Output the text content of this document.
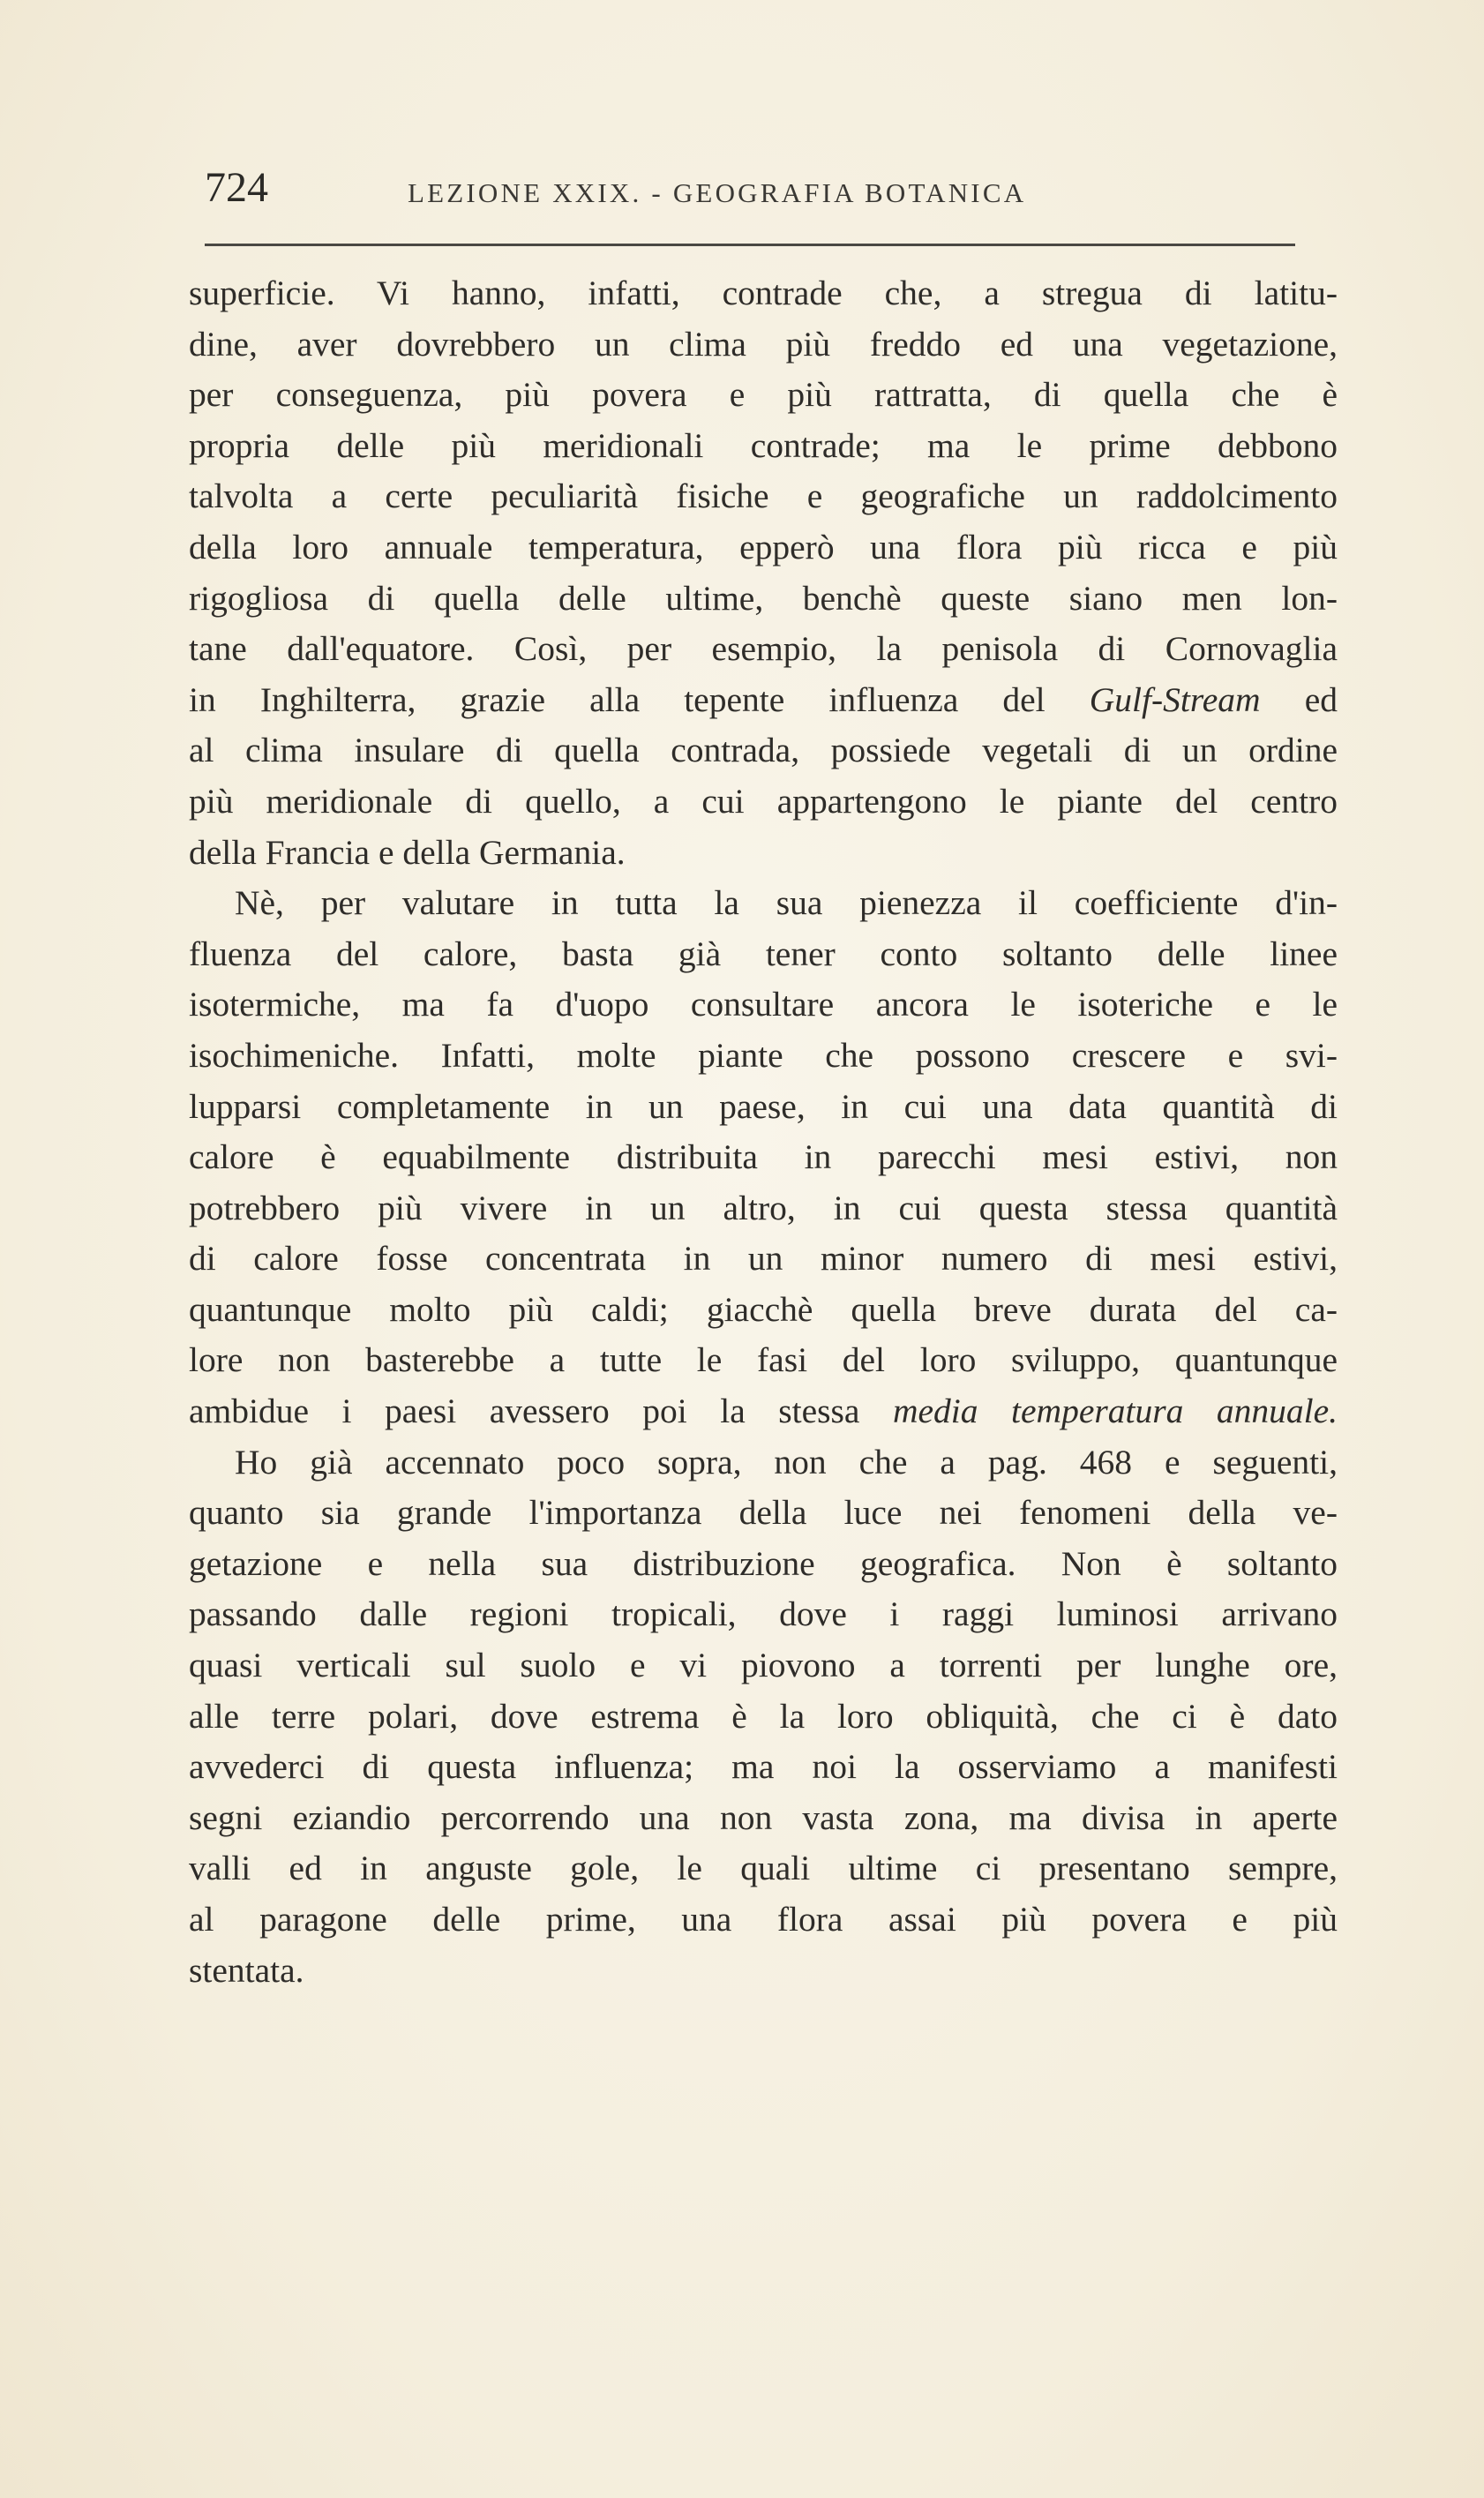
724	LEZIONE XXIX. - GEOGRAFIA BOTANICA
superficie. Vi hanno, infatti, contrade che, a stregua di latitu-
dine, aver dovrebbero un clima più freddo ed una vegetazione,
per conseguenza, più povera e più rattratta, di quella che è
propria delle più meridionali contrade; ma le prime debbono
talvolta a certe peculiarità fisiche e geografiche un raddolcimento
della loro annuale temperatura, epperò una flora più ricca e più
rigogliosa di quella delle ultime, benchè queste siano men lon-
tane dall'equatore. Così, per esempio, la penisola di Cornovaglia
in Inghilterra, grazie alla tepente influenza del Gulf-Stream ed
al clima insulare di quella contrada, possiede vegetali di un ordine
più meridionale di quello, a cui appartengono le piante del centro
della Francia e della Germania.
Nè, per valutare in tutta la sua pienezza il coefficiente d'in-
fluenza del calore, basta già tener conto soltanto delle linee
isotermiche, ma fa d'uopo consultare ancora le isoteriche e le
isochimeniche. Infatti, molte piante che possono crescere e svi-
lupparsi completamente in un paese, in cui una data quantità di
calore è equabilmente distribuita in parecchi mesi estivi, non
potrebbero più vivere in un altro, in cui questa stessa quantità
di calore fosse concentrata in un minor numero di mesi estivi,
quantunque molto più caldi; giacchè quella breve durata del ca-
lore non basterebbe a tutte le fasi del loro sviluppo, quantunque
ambidue i paesi avessero poi la stessa media temperatura annuale.
Ho già accennato poco sopra, non che a pag. 468 e seguenti,
quanto sia grande l'importanza della luce nei fenomeni della ve-
getazione e nella sua distribuzione geografica. Non è soltanto
passando dalle regioni tropicali, dove i raggi luminosi arrivano
quasi verticali sul suolo e vi piovono a torrenti per lunghe ore,
alle terre polari, dove estrema è la loro obliquità, che ci è dato
avvederci di questa influenza; ma noi la osserviamo a manifesti
segni eziandio percorrendo una non vasta zona, ma divisa in aperte
valli ed in anguste gole, le quali ultime ci presentano sempre,
al paragone delle prime, una flora assai più povera e più
stentata.
